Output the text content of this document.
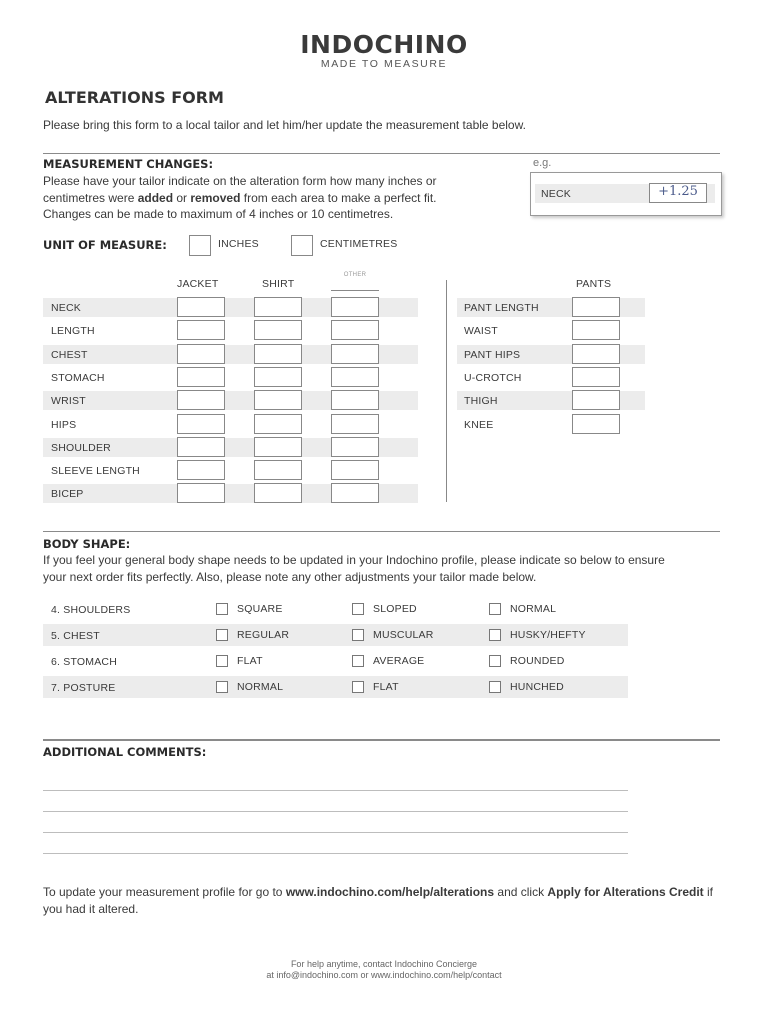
INDOCHINO
MADE TO MEASURE
ALTERATIONS FORM
Please bring this form to a local tailor and let him/her update the measurement table below.
MEASUREMENT CHANGES:
Please have your tailor indicate on the alteration form how many inches or
centimetres were added or removed from each area to make a perfect fit.
Changes can be made to maximum of 4 inches or 10 centimetres.
e.g.
NECK	+1.25
UNIT OF MEASURE:	INCHES	CENTIMETRES
JACKET	SHIRT
OTHER
PANTS
NECK
LENGTH
CHEST
STOMACH
WRIST
HIPS
SHOULDER
SLEEVE LENGTH
BICEP
PANT LENGTH
WAIST
PANT HIPS
U-CROTCH
THIGH
KNEE
BODY SHAPE:
If you feel your general body shape needs to be updated in your Indochino profile, please indicate so below to ensure
your next order fits perfectly. Also, please note any other adjustments your tailor made below.
4. SHOULDERS	SQUARE	SLOPED	NORMAL
5. CHEST	REGULAR	MUSCULAR	HUSKY/HEFTY
6. STOMACH	FLAT	AVERAGE	ROUNDED
7. POSTURE	NORMAL	FLAT	HUNCHED
ADDITIONAL COMMENTS:
To update your measurement profile for go to www.indochino.com/help/alterations and click Apply for Alterations Credit if you had it altered.
For help anytime, contact Indochino Concierge
at info@indochino.com or www.indochino.com/help/contact
